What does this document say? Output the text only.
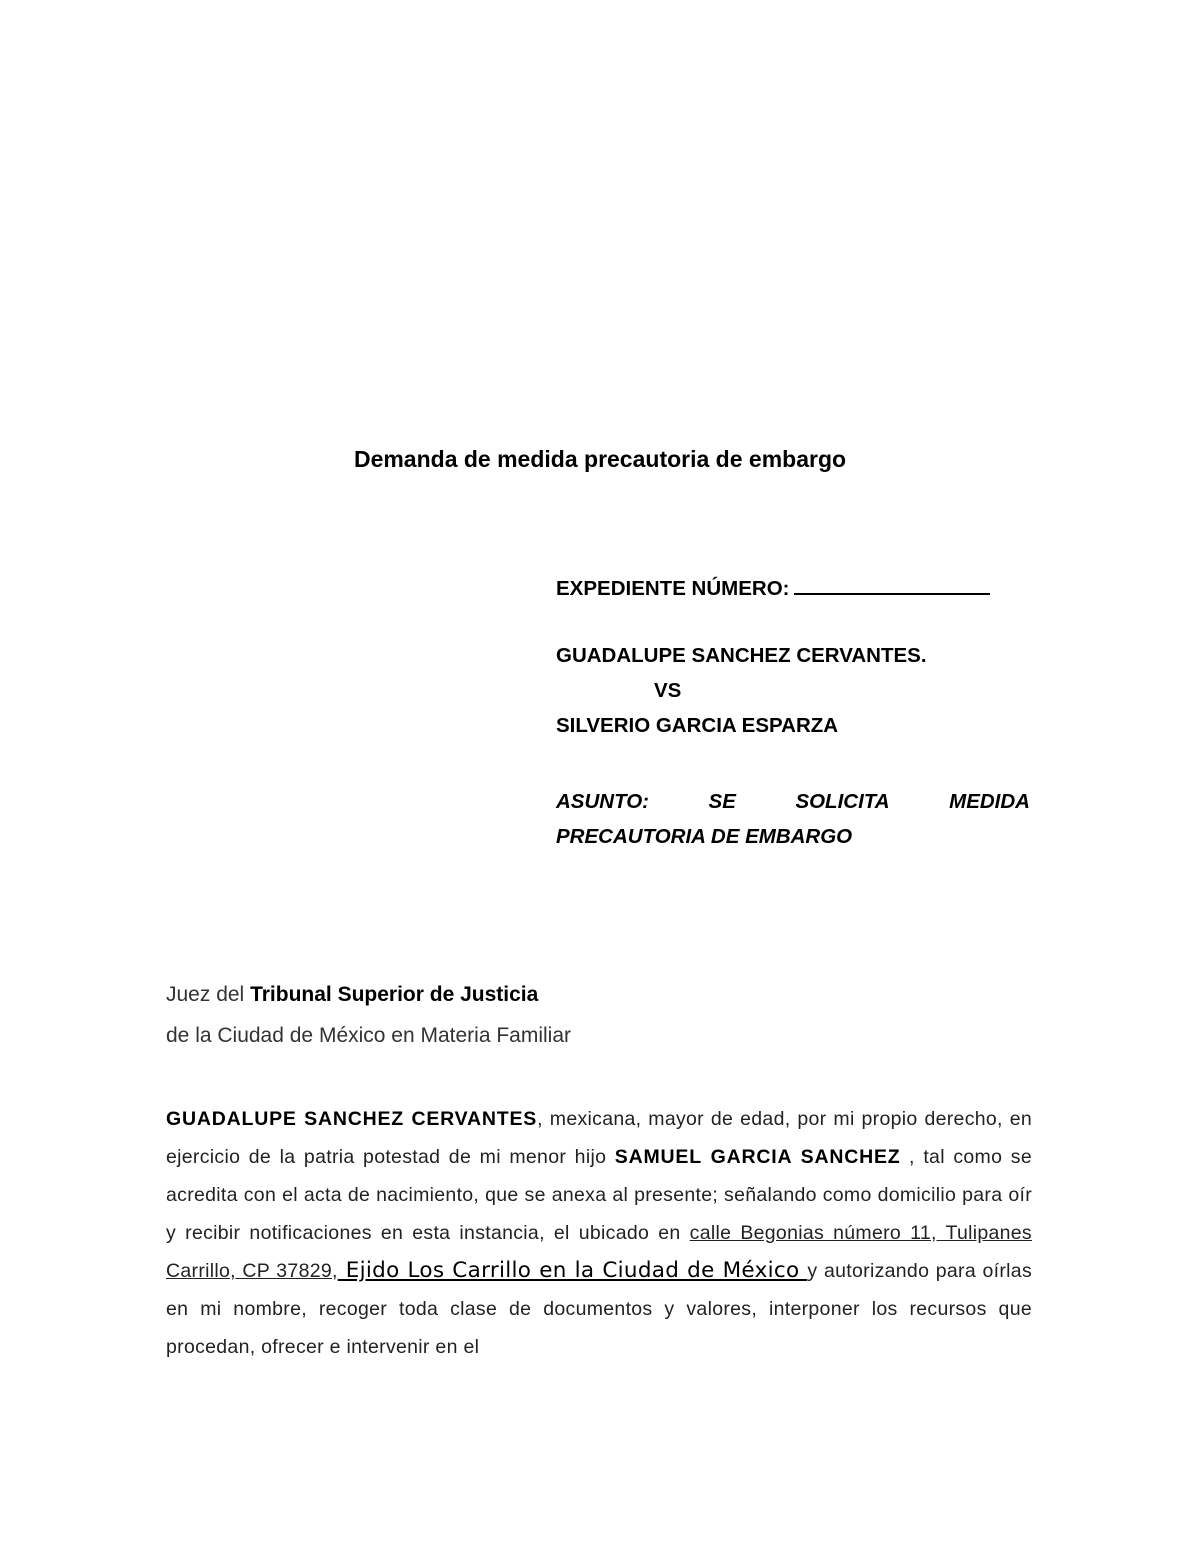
Demanda de medida precautoria de embargo

EXPEDIENTE NÚMERO:

GUADALUPE SANCHEZ CERVANTES.

VS

SILVERIO GARCIA ESPARZA

ASUNTO:	SE	SOLICITA	MEDIDA
PRECAUTORIA DE EMBARGO

Juez del Tribunal Superior de Justicia

de la Ciudad de México en Materia Familiar

GUADALUPE SANCHEZ CERVANTES, mexicana, mayor de edad, por mi propio derecho, en ejercicio de la patria potestad de mi menor hijo SAMUEL GARCIA SANCHEZ , tal como se acredita con el acta de nacimiento, que se anexa al presente; señalando como domicilio para oír y recibir notificaciones en esta instancia, el ubicado en calle Begonias número 11, Tulipanes Carrillo, CP 37829, Ejido Los Carrillo en la Ciudad de México y autorizando para oírlas en mi nombre, recoger toda clase de documentos y valores, interponer los recursos que procedan, ofrecer e intervenir en el
